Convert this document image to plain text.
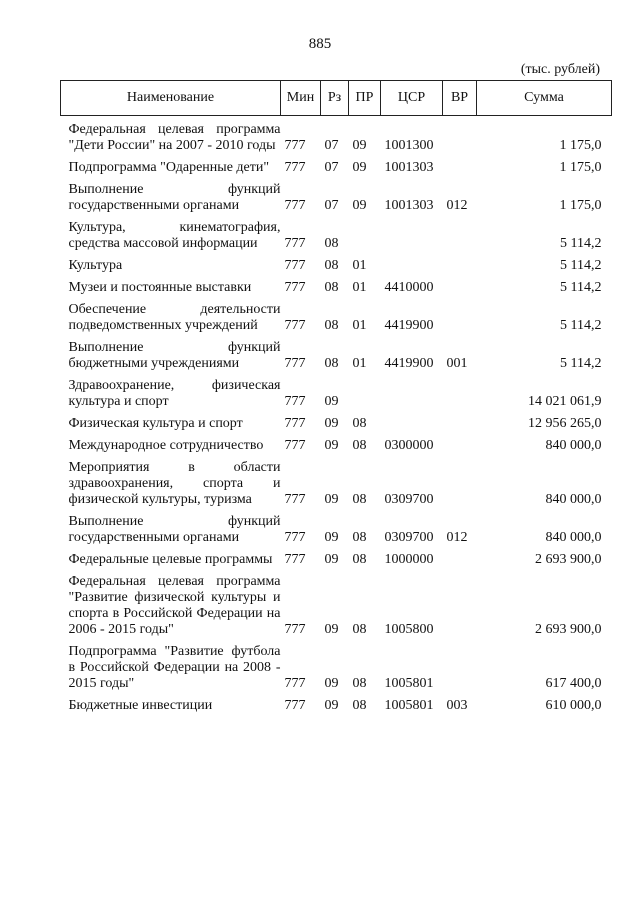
885
(тыс. рублей)
Наименование	Мин	Рз	ПР	ЦСР	ВР	Сумма
Федеральная целевая программа "Дети России" на 2007 - 2010 годы	777	07	09	1001300		1 175,0
Подпрограмма "Одаренные дети"	777	07	09	1001303		1 175,0
Выполнение функций государственными органами	777	07	09	1001303	012	1 175,0
Культура, кинематография, средства массовой информации	777	08				5 114,2
Культура	777	08	01			5 114,2
Музеи и постоянные выставки	777	08	01	4410000		5 114,2
Обеспечение деятельности подведомственных учреждений	777	08	01	4419900		5 114,2
Выполнение функций бюджетными учреждениями	777	08	01	4419900	001	5 114,2
Здравоохранение, физическая культура и спорт	777	09				14 021 061,9
Физическая культура и спорт	777	09	08			12 956 265,0
Международное сотрудничество	777	09	08	0300000		840 000,0
Мероприятия в области здравоохранения, спорта и физической культуры, туризма	777	09	08	0309700		840 000,0
Выполнение функций государственными органами	777	09	08	0309700	012	840 000,0
Федеральные целевые программы	777	09	08	1000000		2 693 900,0
Федеральная целевая программа "Развитие физической культуры и спорта в Российской Федерации на 2006 - 2015 годы"	777	09	08	1005800		2 693 900,0
Подпрограмма "Развитие футбола в Российской Федерации на 2008 - 2015 годы"	777	09	08	1005801		617 400,0
Бюджетные инвестиции	777	09	08	1005801	003	610 000,0
